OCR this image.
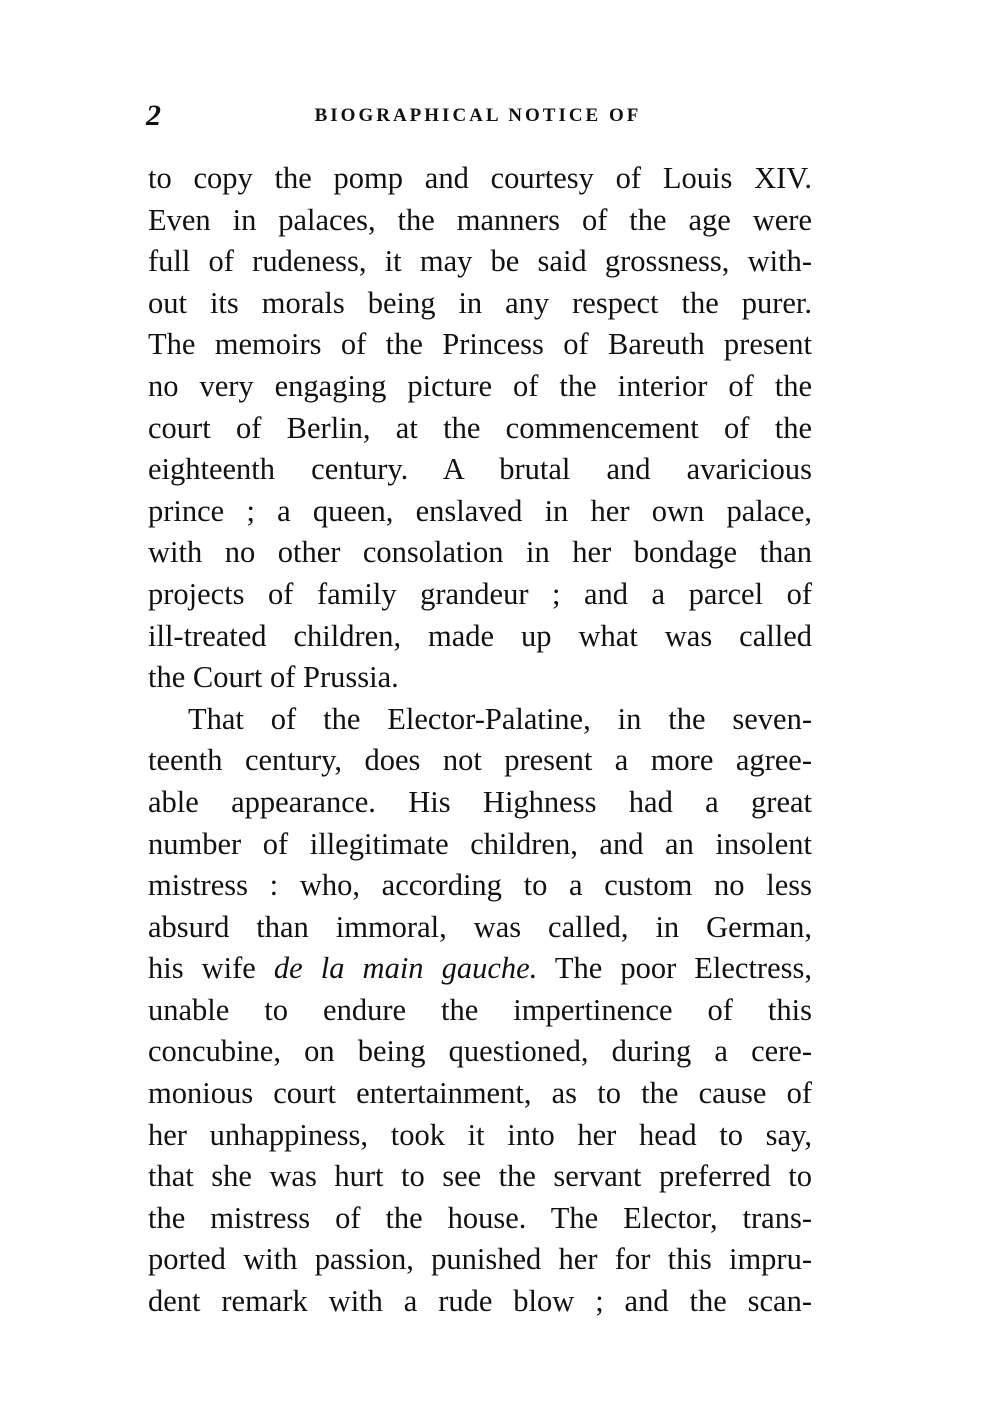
2	BIOGRAPHICAL NOTICE OF
to copy the pomp and courtesy of Louis XIV.
Even in palaces, the manners of the age were
full of rudeness, it may be said grossness, with-
out its morals being in any respect the purer.
The memoirs of the Princess of Bareuth present
no very engaging picture of the interior of the
court of Berlin, at the commencement of the
eighteenth century. A brutal and avaricious
prince ; a queen, enslaved in her own palace,
with no other consolation in her bondage than
projects of family grandeur ; and a parcel of
ill-treated children, made up what was called
the Court of Prussia.
That of the Elector-Palatine, in the seven-
teenth century, does not present a more agree-
able appearance. His Highness had a great
number of illegitimate children, and an insolent
mistress : who, according to a custom no less
absurd than immoral, was called, in German,
his wife de la main gauche. The poor Electress,
unable to endure the impertinence of this
concubine, on being questioned, during a cere-
monious court entertainment, as to the cause of
her unhappiness, took it into her head to say,
that she was hurt to see the servant preferred to
the mistress of the house. The Elector, trans-
ported with passion, punished her for this impru-
dent remark with a rude blow ; and the scan-
